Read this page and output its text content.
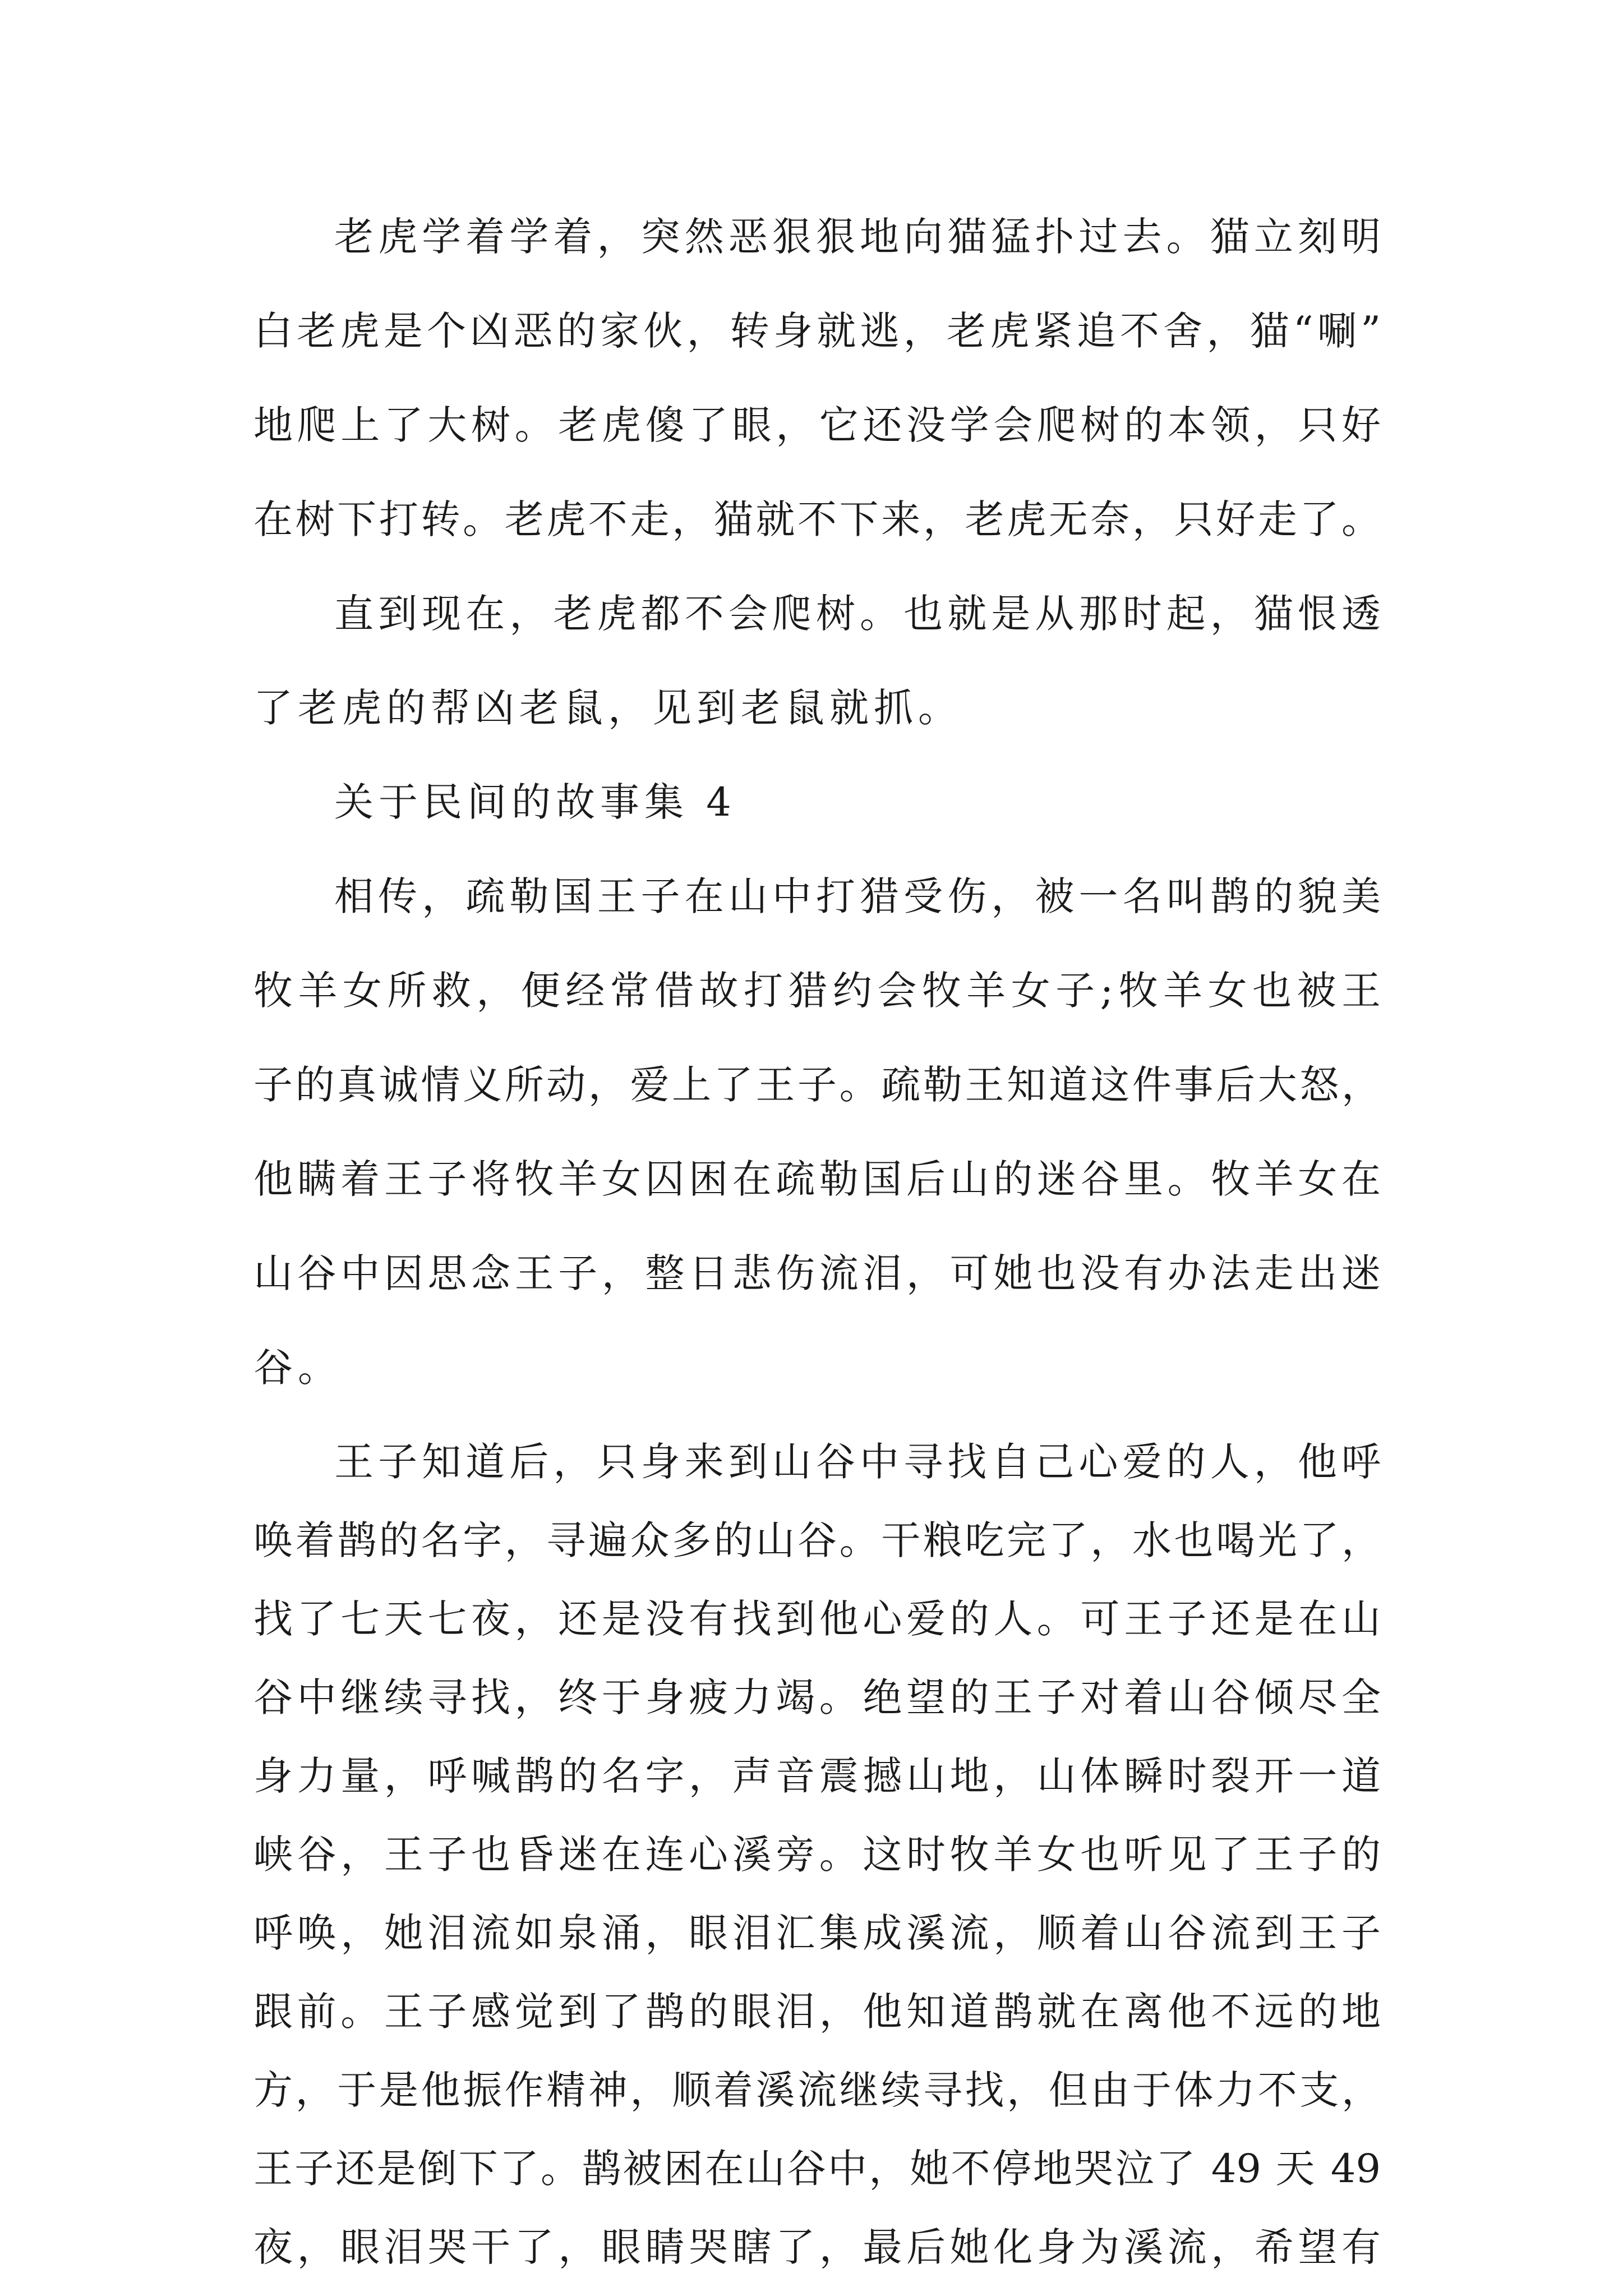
老虎学着学着，突然恶狠狠地向猫猛扑过去。猫立刻明
白老虎是个凶恶的家伙，转身就逃，老虎紧追不舍，猫“唰”
地爬上了大树。老虎傻了眼，它还没学会爬树的本领，只好
在树下打转。老虎不走，猫就不下来，老虎无奈，只好走了。
直到现在，老虎都不会爬树。也就是从那时起，猫恨透
了老虎的帮凶老鼠，见到老鼠就抓。
关于民间的故事集 4
相传，疏勒国王子在山中打猎受伤，被一名叫鹊的貌美
牧羊女所救，便经常借故打猎约会牧羊女子;牧羊女也被王
子的真诚情义所动，爱上了王子。疏勒王知道这件事后大怒，
他瞒着王子将牧羊女囚困在疏勒国后山的迷谷里。牧羊女在
山谷中因思念王子，整日悲伤流泪，可她也没有办法走出迷
谷。
王子知道后，只身来到山谷中寻找自己心爱的人，他呼
唤着鹊的名字，寻遍众多的山谷。干粮吃完了，水也喝光了，
找了七天七夜，还是没有找到他心爱的人。可王子还是在山
谷中继续寻找，终于身疲力竭。绝望的王子对着山谷倾尽全
身力量，呼喊鹊的名字，声音震撼山地，山体瞬时裂开一道
峡谷，王子也昏迷在连心溪旁。这时牧羊女也听见了王子的
呼唤，她泪流如泉涌，眼泪汇集成溪流，顺着山谷流到王子
跟前。王子感觉到了鹊的眼泪，他知道鹊就在离他不远的地
方，于是他振作精神，顺着溪流继续寻找，但由于体力不支，
王子还是倒下了。鹊被困在山谷中，她不停地哭泣了 49 天 49
夜，眼泪哭干了，眼睛哭瞎了，最后她化身为溪流，希望有
